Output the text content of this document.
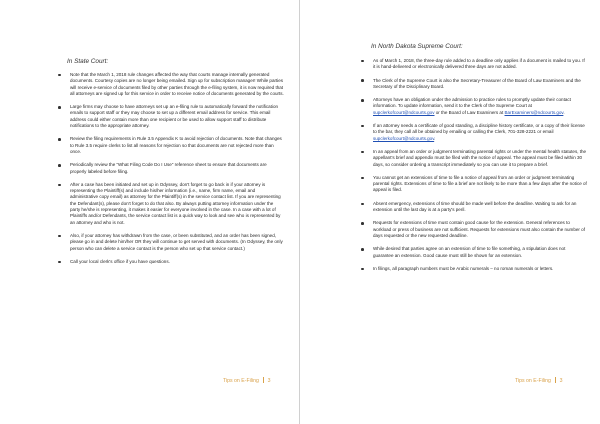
In State Court:
Note that the March 1, 2018 rule changes affected the way that courts manage internally generated documents. Courtesy copies are no longer being emailed. Sign up for subscription manager! While parties will receive e-service of documents filed by other parties through the e-filing system, it is now required that all attorneys are signed up for this service in order to receive notice of documents generated by the courts.
Large firms may choose to have attorneys set up an e-filing rule to automatically forward the notification emails to support staff or they may choose to set up a different email address for service. This email address could either contain more than one recipient or be used to allow support staff to distribute notifications to the appropriate attorney.
Review the filing requirements in Rule 3.5 Appendix K to avoid rejection of documents. Note that changes to Rule 3.5 require clerks to list all reasons for rejection so that documents are not rejected more than once.
Periodically review the “What Filing Code Do I Use” reference sheet to ensure that documents are properly labeled before filing.
After a case has been initiated and set up in Odyssey, don't forget to go back in if your attorney is representing the Plaintiff(s) and include his/her information (i.e., name, firm name, email and administrative copy email) as attorney for the Plaintiff(s) in the service contact list. If you are representing the Defendant(s), please don't forget to do that also. By always putting attorney information under the party he/she is representing, it makes it easier for everyone involved in the case. In a case with a lot of Plaintiffs and/or Defendants, the service contact list is a quick way to look and see who is represented by an attorney and who is not.
Also, if your attorney has withdrawn from the case, or been substituted, and an order has been signed, please go in and delete him/her OR they will continue to get served with documents. (In Odyssey, the only person who can delete a service contact is the person who set up that service contact.)
Call your local clerk's office if you have questions.
Tips on E-Filing 3
In North Dakota Supreme Court:
As of March 1, 2018, the three-day rule added to a deadline only applies if a document is mailed to you. If it is hand-delivered or electronically delivered three days are not added.
The Clerk of the Supreme Court is also the Secretary-Treasurer of the Board of Law Examiners and the Secretary of the Disciplinary Board.
Attorneys have an obligation under the admission to practice rules to promptly update their contact information. To update information, send it to the Clerk of the Supreme Court at supclerkofcourt@ndcourts.gov or the Board of Law Examiners at BarExaminers@ndcourts.gov.
If an attorney needs a certificate of good standing, a discipline history certificate, or a copy of their license to the bar, they call all be obtained by emailing or calling the Clerk, 701-328-2221 or email supclerkofcourt@ndcourts.gov.
In an appeal from an order or judgment terminating parental rights or under the mental health statutes, the appellant's brief and appendix must be filed with the notice of appeal. The appeal must be filed within 30 days, so consider ordering a transcript immediately so you can use it to prepare a brief.
You cannot get an extensions of time to file a notice of appeal from an order or judgment terminating parental rights. Extensions of time to file a brief are not likely to be more than a few days after the notice of appeal is filed.
Absent emergency, extensions of time should be made well before the deadline. Waiting to ask for an extension until the last day is at a party's peril.
Requests for extensions of time must contain good cause for the extension. General references to workload or press of business are not sufficient. Requests for extensions must also contain the number of days requested or the new requested deadline.
While desired that parties agree on an extension of time to file something, a stipulation does not guarantee an extension. Good cause must still be shown for an extension.
In filings, all paragraph numbers must be Arabic numerals – no roman numerals or letters.
Tips on E-Filing 3
